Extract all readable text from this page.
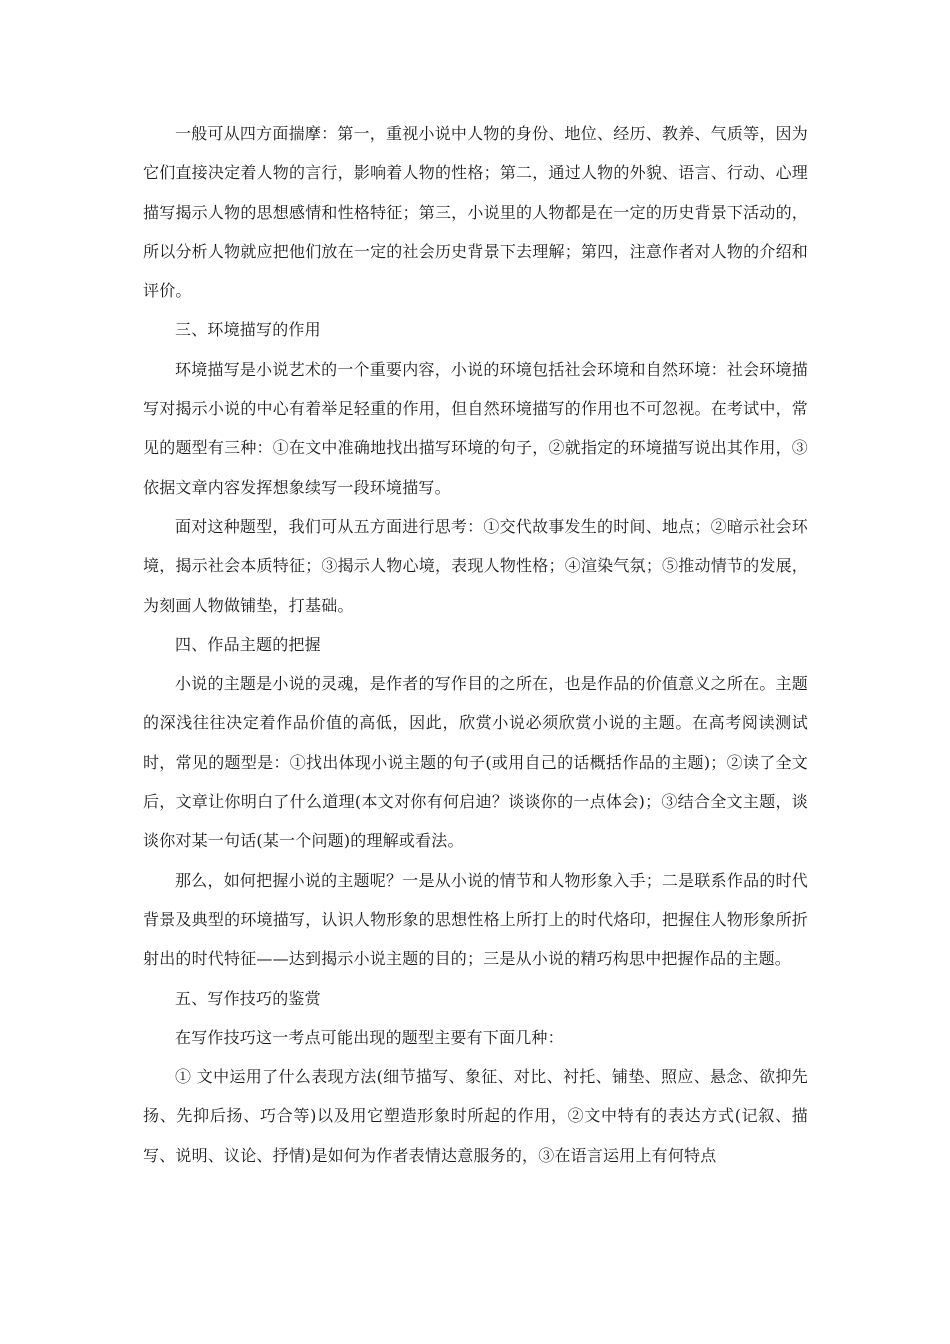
一般可从四方面揣摩：第一，重视小说中人物的身份、地位、经历、教养、气质等，因为它们直接决定着人物的言行，影响着人物的性格；第二，通过人物的外貌、语言、行动、心理描写揭示人物的思想感情和性格特征；第三，小说里的人物都是在一定的历史背景下活动的，所以分析人物就应把他们放在一定的社会历史背景下去理解；第四，注意作者对人物的介绍和评价。

三、环境描写的作用

环境描写是小说艺术的一个重要内容，小说的环境包括社会环境和自然环境：社会环境描写对揭示小说的中心有着举足轻重的作用，但自然环境描写的作用也不可忽视。在考试中，常见的题型有三种：①在文中准确地找出描写环境的句子，②就指定的环境描写说出其作用，③依据文章内容发挥想象续写一段环境描写。

面对这种题型，我们可从五方面进行思考：①交代故事发生的时间、地点；②暗示社会环境，揭示社会本质特征；③揭示人物心境，表现人物性格；④渲染气氛；⑤推动情节的发展，为刻画人物做铺垫，打基础。

四、作品主题的把握

小说的主题是小说的灵魂，是作者的写作目的之所在，也是作品的价值意义之所在。主题的深浅往往决定着作品价值的高低，因此，欣赏小说必须欣赏小说的主题。在高考阅读测试时，常见的题型是：①找出体现小说主题的句子(或用自己的话概括作品的主题)；②读了全文后，文章让你明白了什么道理(本文对你有何启迪？谈谈你的一点体会)；③结合全文主题，谈谈你对某一句话(某一个问题)的理解或看法。

那么，如何把握小说的主题呢？一是从小说的情节和人物形象入手；二是联系作品的时代背景及典型的环境描写，认识人物形象的思想性格上所打上的时代烙印，把握住人物形象所折射出的时代特征——达到揭示小说主题的目的；三是从小说的精巧构思中把握作品的主题。

五、写作技巧的鉴赏

在写作技巧这一考点可能出现的题型主要有下面几种：

① 文中运用了什么表现方法(细节描写、象征、对比、衬托、铺垫、照应、悬念、欲抑先扬、先抑后扬、巧合等)以及用它塑造形象时所起的作用，②文中特有的表达方式(记叙、描写、说明、议论、抒情)是如何为作者表情达意服务的，③在语言运用上有何特点
